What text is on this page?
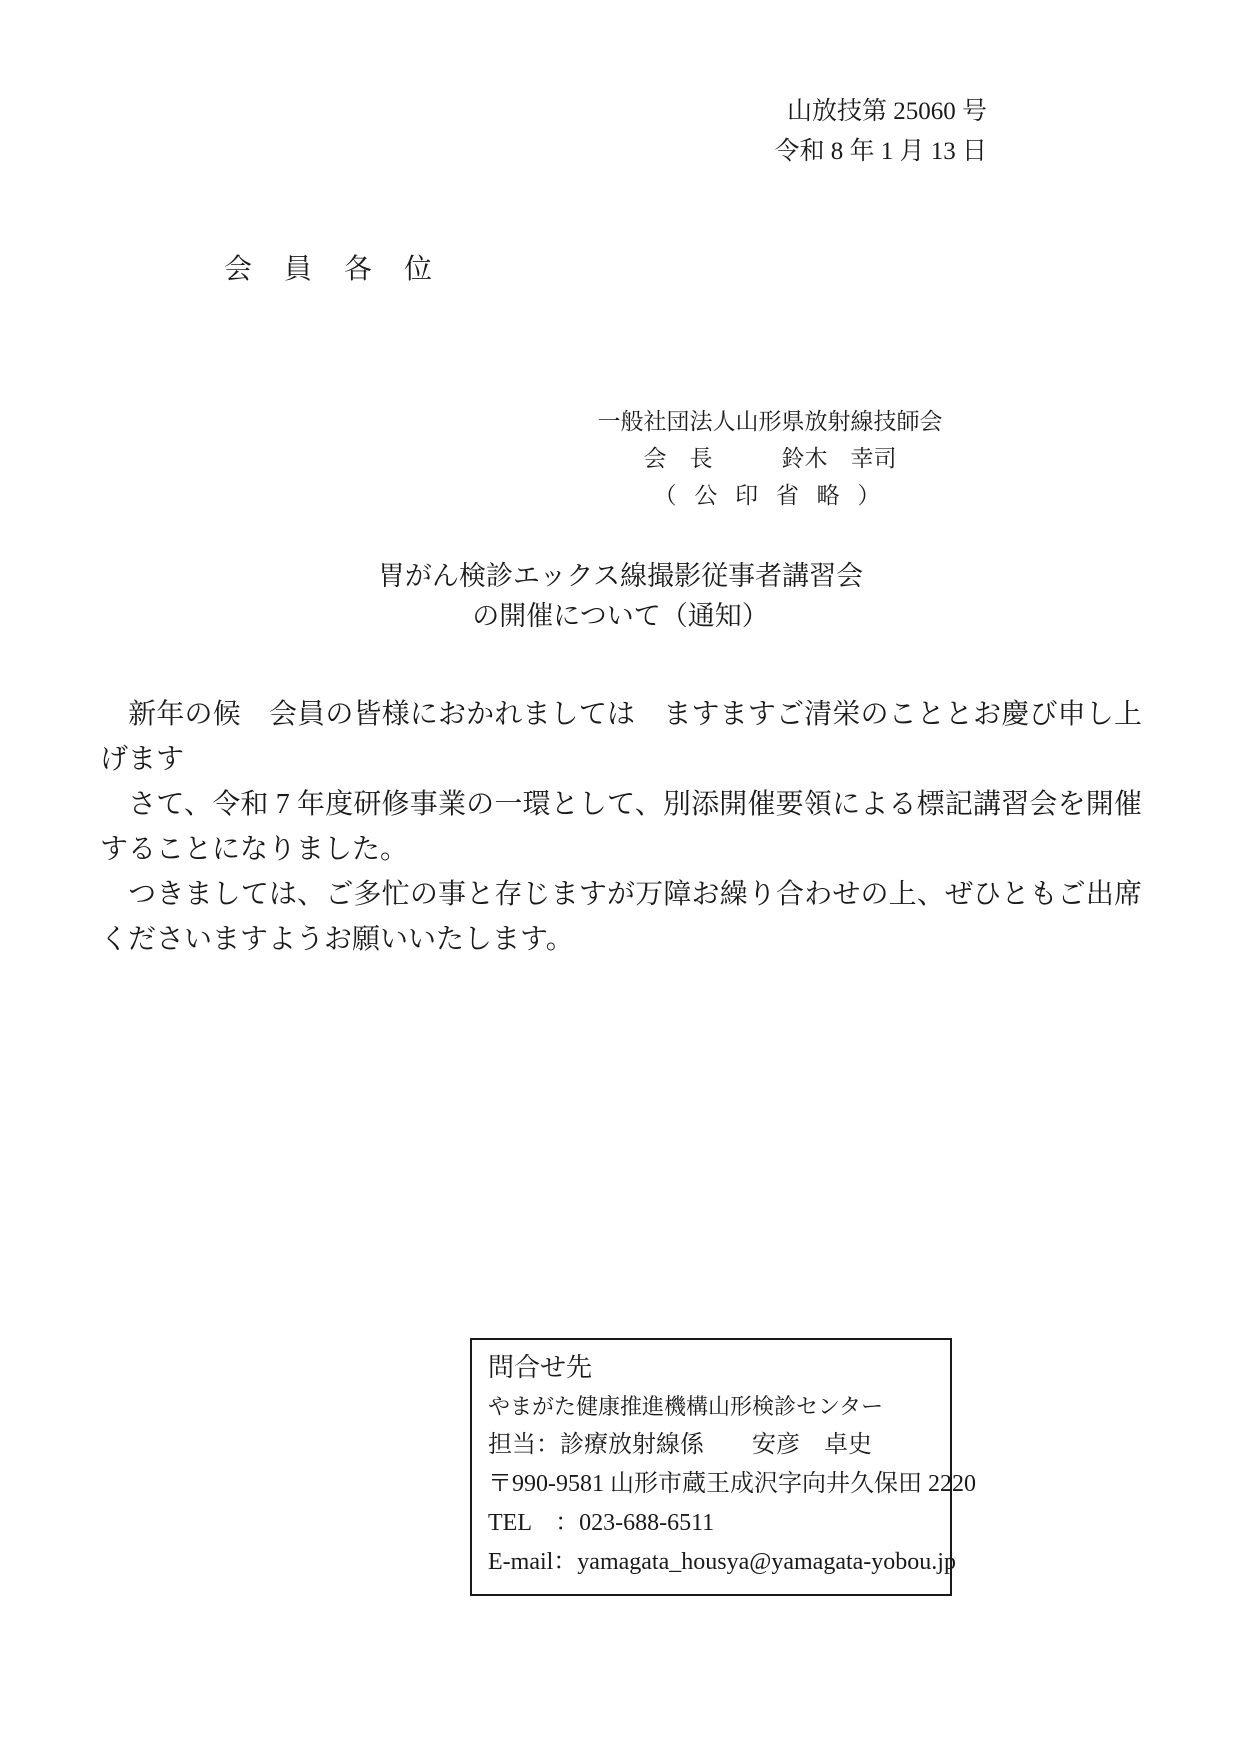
山放技第 25060 号
令和 8 年 1 月 13 日
会　員　各　位
一般社団法人山形県放射線技師会
会　長　　　鈴木　幸司
（ 公 印 省 略 ）
胃がん検診エックス線撮影従事者講習会
の開催について（通知）

　新年の候　会員の皆様におかれましては　ますますご清栄のこととお慶び申し上げます

　さて、令和 7 年度研修事業の一環として、別添開催要領による標記講習会を開催することになりました。

　つきましては、ご多忙の事と存じますが万障お繰り合わせの上、ぜひともご出席くださいますようお願いいたします。

問合せ先
やまがた健康推進機構山形検診センター
担当：診療放射線係　　安彦　卓史
〒990-9581 山形市蔵王成沢字向井久保田 2220
TEL　：023-688-6511
E-mail：yamagata_housya@yamagata-yobou.jp
